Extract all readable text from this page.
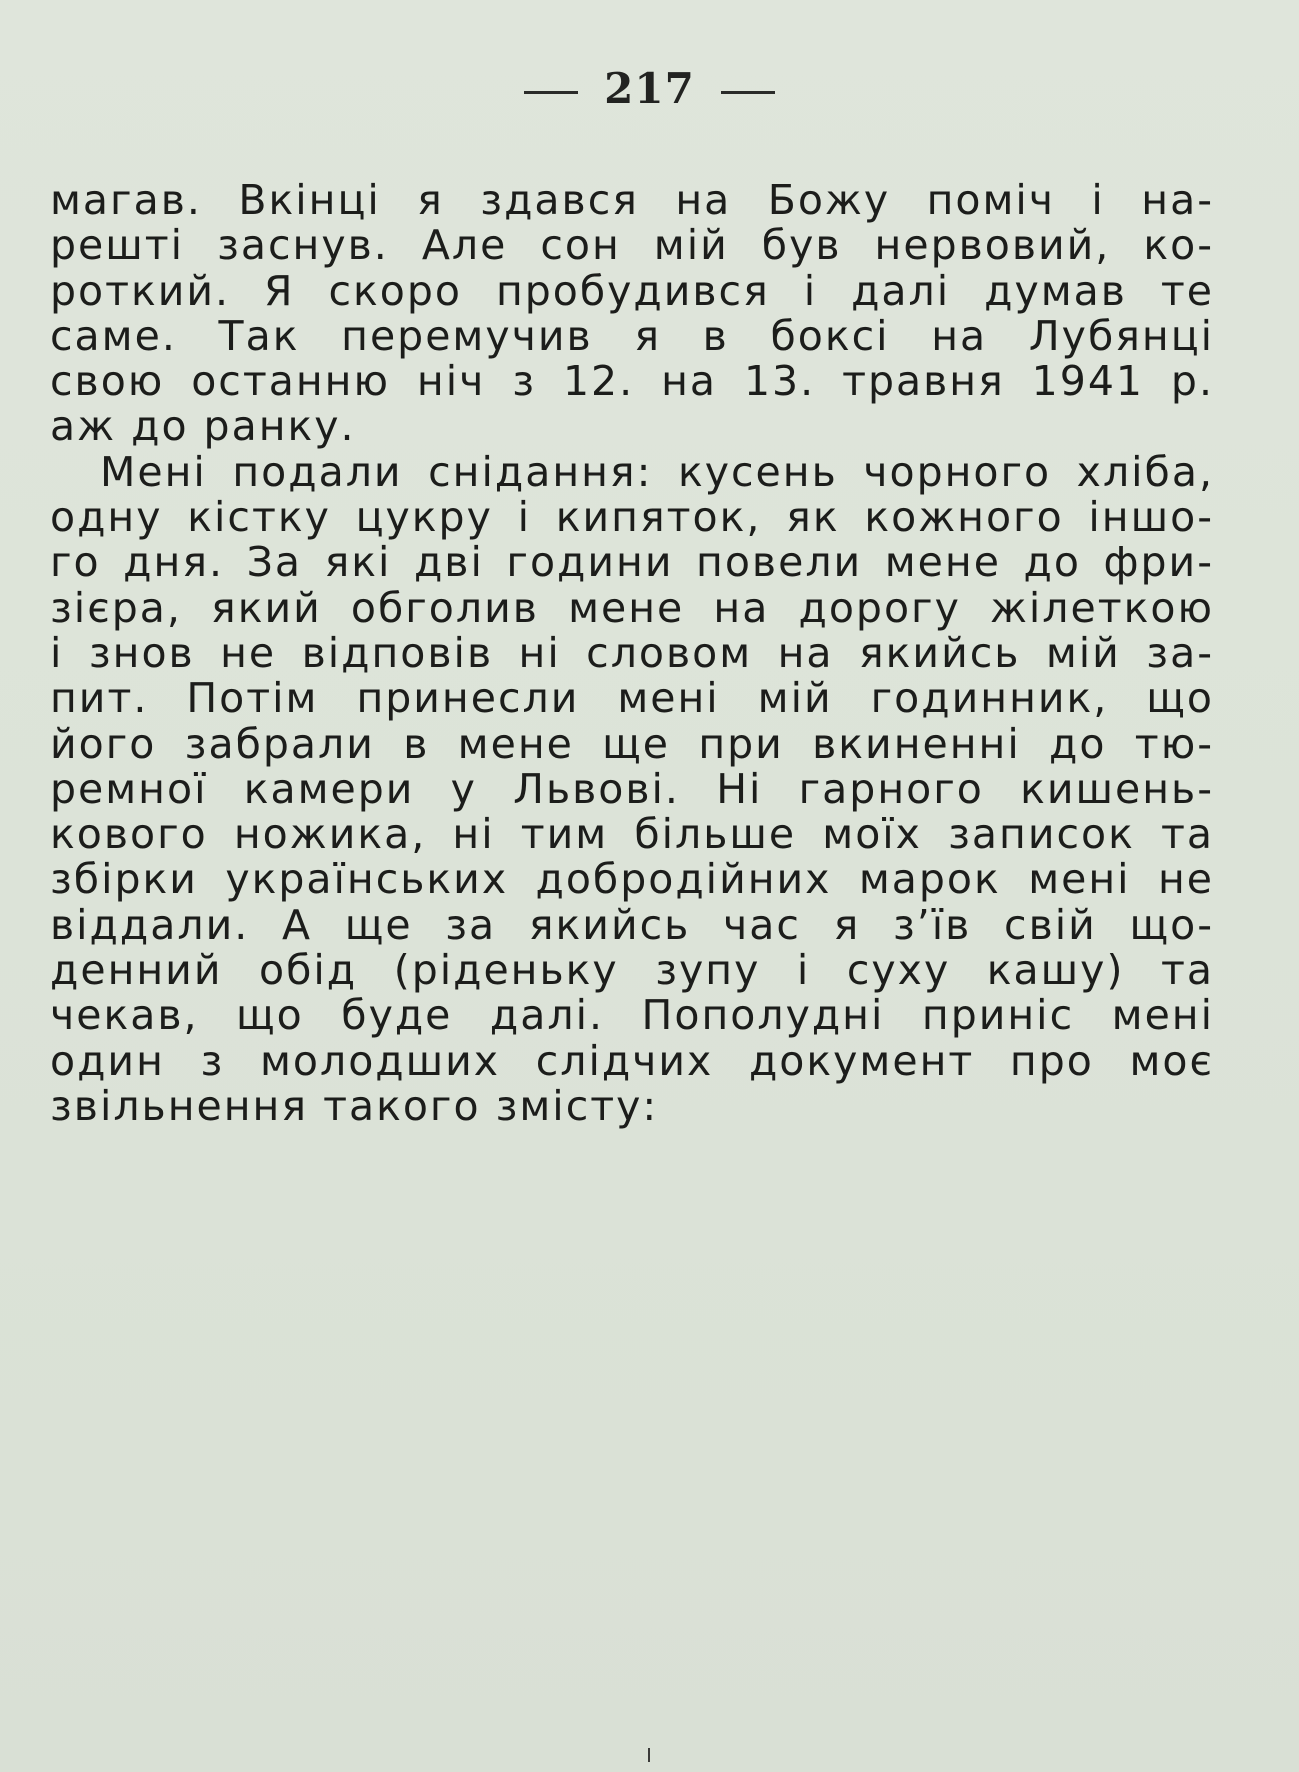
217
магав. Вкінці я здався на Божу поміч і на-
решті заснув. Але сон мій був нервовий, ко-
роткий. Я скоро пробудився і далі думав те
саме. Так перемучив я в боксі на Лубянці
свою останню ніч з 12. на 13. травня 1941 р.
аж до ранку.
Мені подали снідання: кусень чорного хліба,
одну кістку цукру і кипяток, як кожного іншо-
го дня. За які дві години повели мене до фри-
зієра, який обголив мене на дорогу жілеткою
і знов не відповів ні словом на якийсь мій за-
пит. Потім принесли мені мій годинник, що
його забрали в мене ще при вкиненні до тю-
ремної камери у Львові. Ні гарного кишень-
кового ножика, ні тим більше моїх записок та
збірки українських добродійних марок мені не
віддали. А ще за якийсь час я з’їв свій що-
денний обід (ріденьку зупу і суху кашу) та
чекав, що буде далі. Пополудні приніс мені
один з молодших слідчих документ про моє
звільнення такого змісту:
